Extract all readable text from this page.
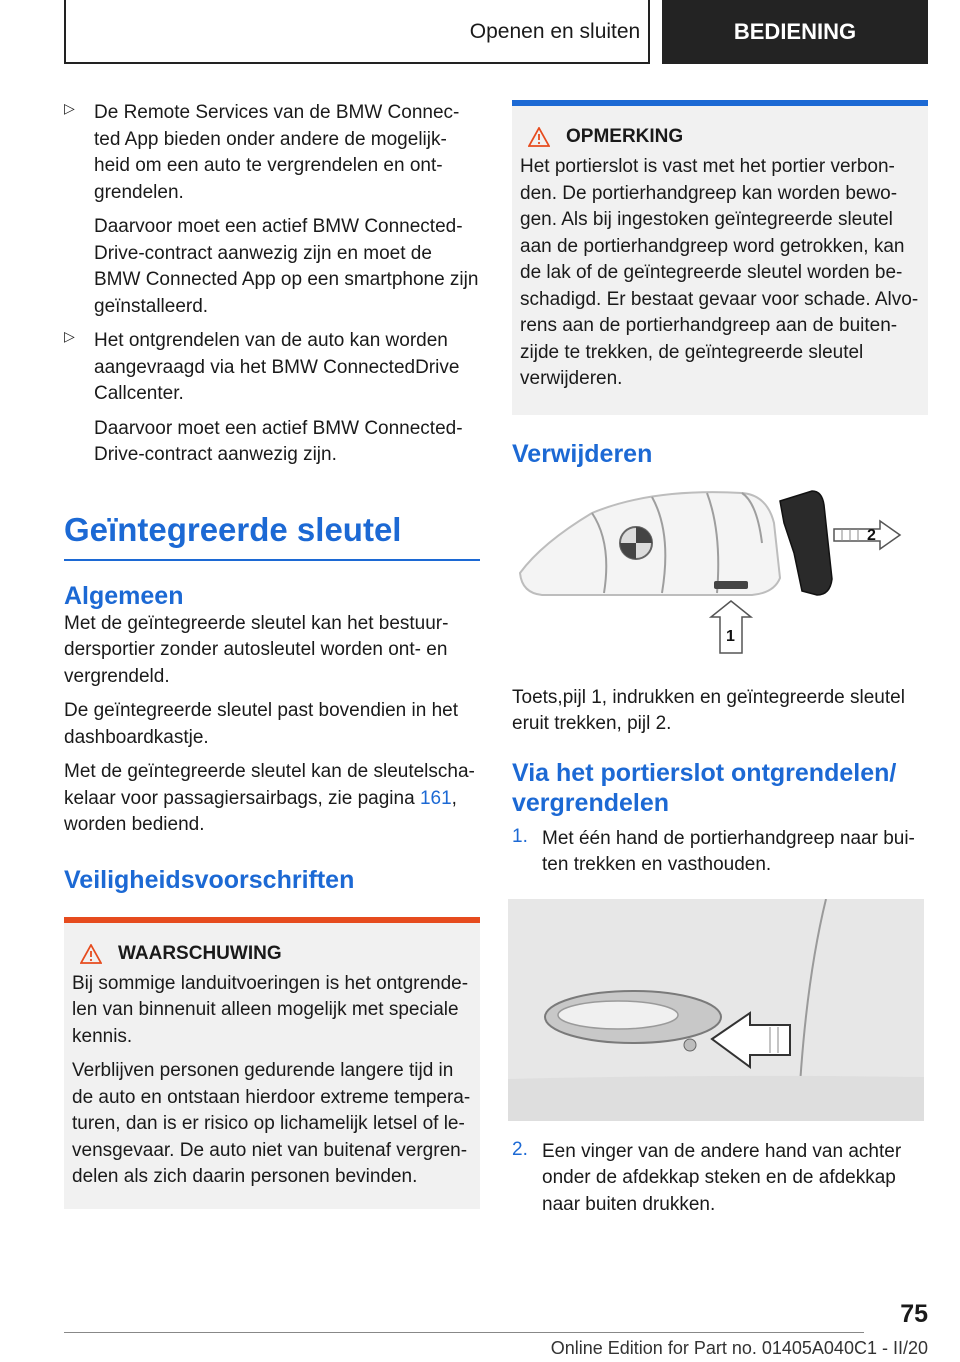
Openen en sluiten	BEDIENING
▷ De Remote Services van de BMW Connec-ted App bieden onder andere de mogelijk-heid om een auto te vergrendelen en ont-grendelen.

Daarvoor moet een actief BMW Connected-Drive-contract aanwezig zijn en moet de BMW Connected App op een smartphone zijn geïnstalleerd.

▷ Het ontgrendelen van de auto kan worden aangevraagd via het BMW ConnectedDrive Callcenter.

Daarvoor moet een actief BMW Connected-Drive-contract aanwezig zijn.

Geïntegreerde sleutel
Algemeen

Met de geïntegreerde sleutel kan het bestuur-dersportier zonder autosleutel worden ont- en vergrendeld.

De geïntegreerde sleutel past bovendien in het dashboardkastje.

Met de geïntegreerde sleutel kan de sleutelscha-kelaar voor passagiersairbags, zie pagina 161, worden bediend.

Veiligheidsvoorschriften
WAARSCHUWING

Bij sommige landuitvoeringen is het ontgrende-len van binnenuit alleen mogelijk met speciale kennis.

Verblijven personen gedurende langere tijd in de auto en ontstaan hierdoor extreme tempera-turen, dan is er risico op lichamelijk letsel of le-vensgevaar. De auto niet van buitenaf vergren-delen als zich daarin personen bevinden.

OPMERKING

Het portierslot is vast met het portier verbon-den. De portierhandgreep kan worden bewo-gen. Als bij ingestoken geïntegreerde sleutel aan de portierhandgreep word getrokken, kan de lak of de geïntegreerde sleutel worden be-schadigd. Er bestaat gevaar voor schade. Alvo-rens aan de portierhandgreep aan de buiten-zijde te trekken, de geïntegreerde sleutel verwijderen.

Verwijderen
2
1

Toets,pijl 1, indrukken en geïntegreerde sleutel eruit trekken, pijl 2.

Via het portierslot ontgrendelen/ vergrendelen
1. Met één hand de portierhandgreep naar bui-ten trekken en vasthouden.

2. Een vinger van de andere hand van achter onder de afdekkap steken en de afdekkap naar buiten drukken.

75
Online Edition for Part no. 01405A040C1 - II/20
